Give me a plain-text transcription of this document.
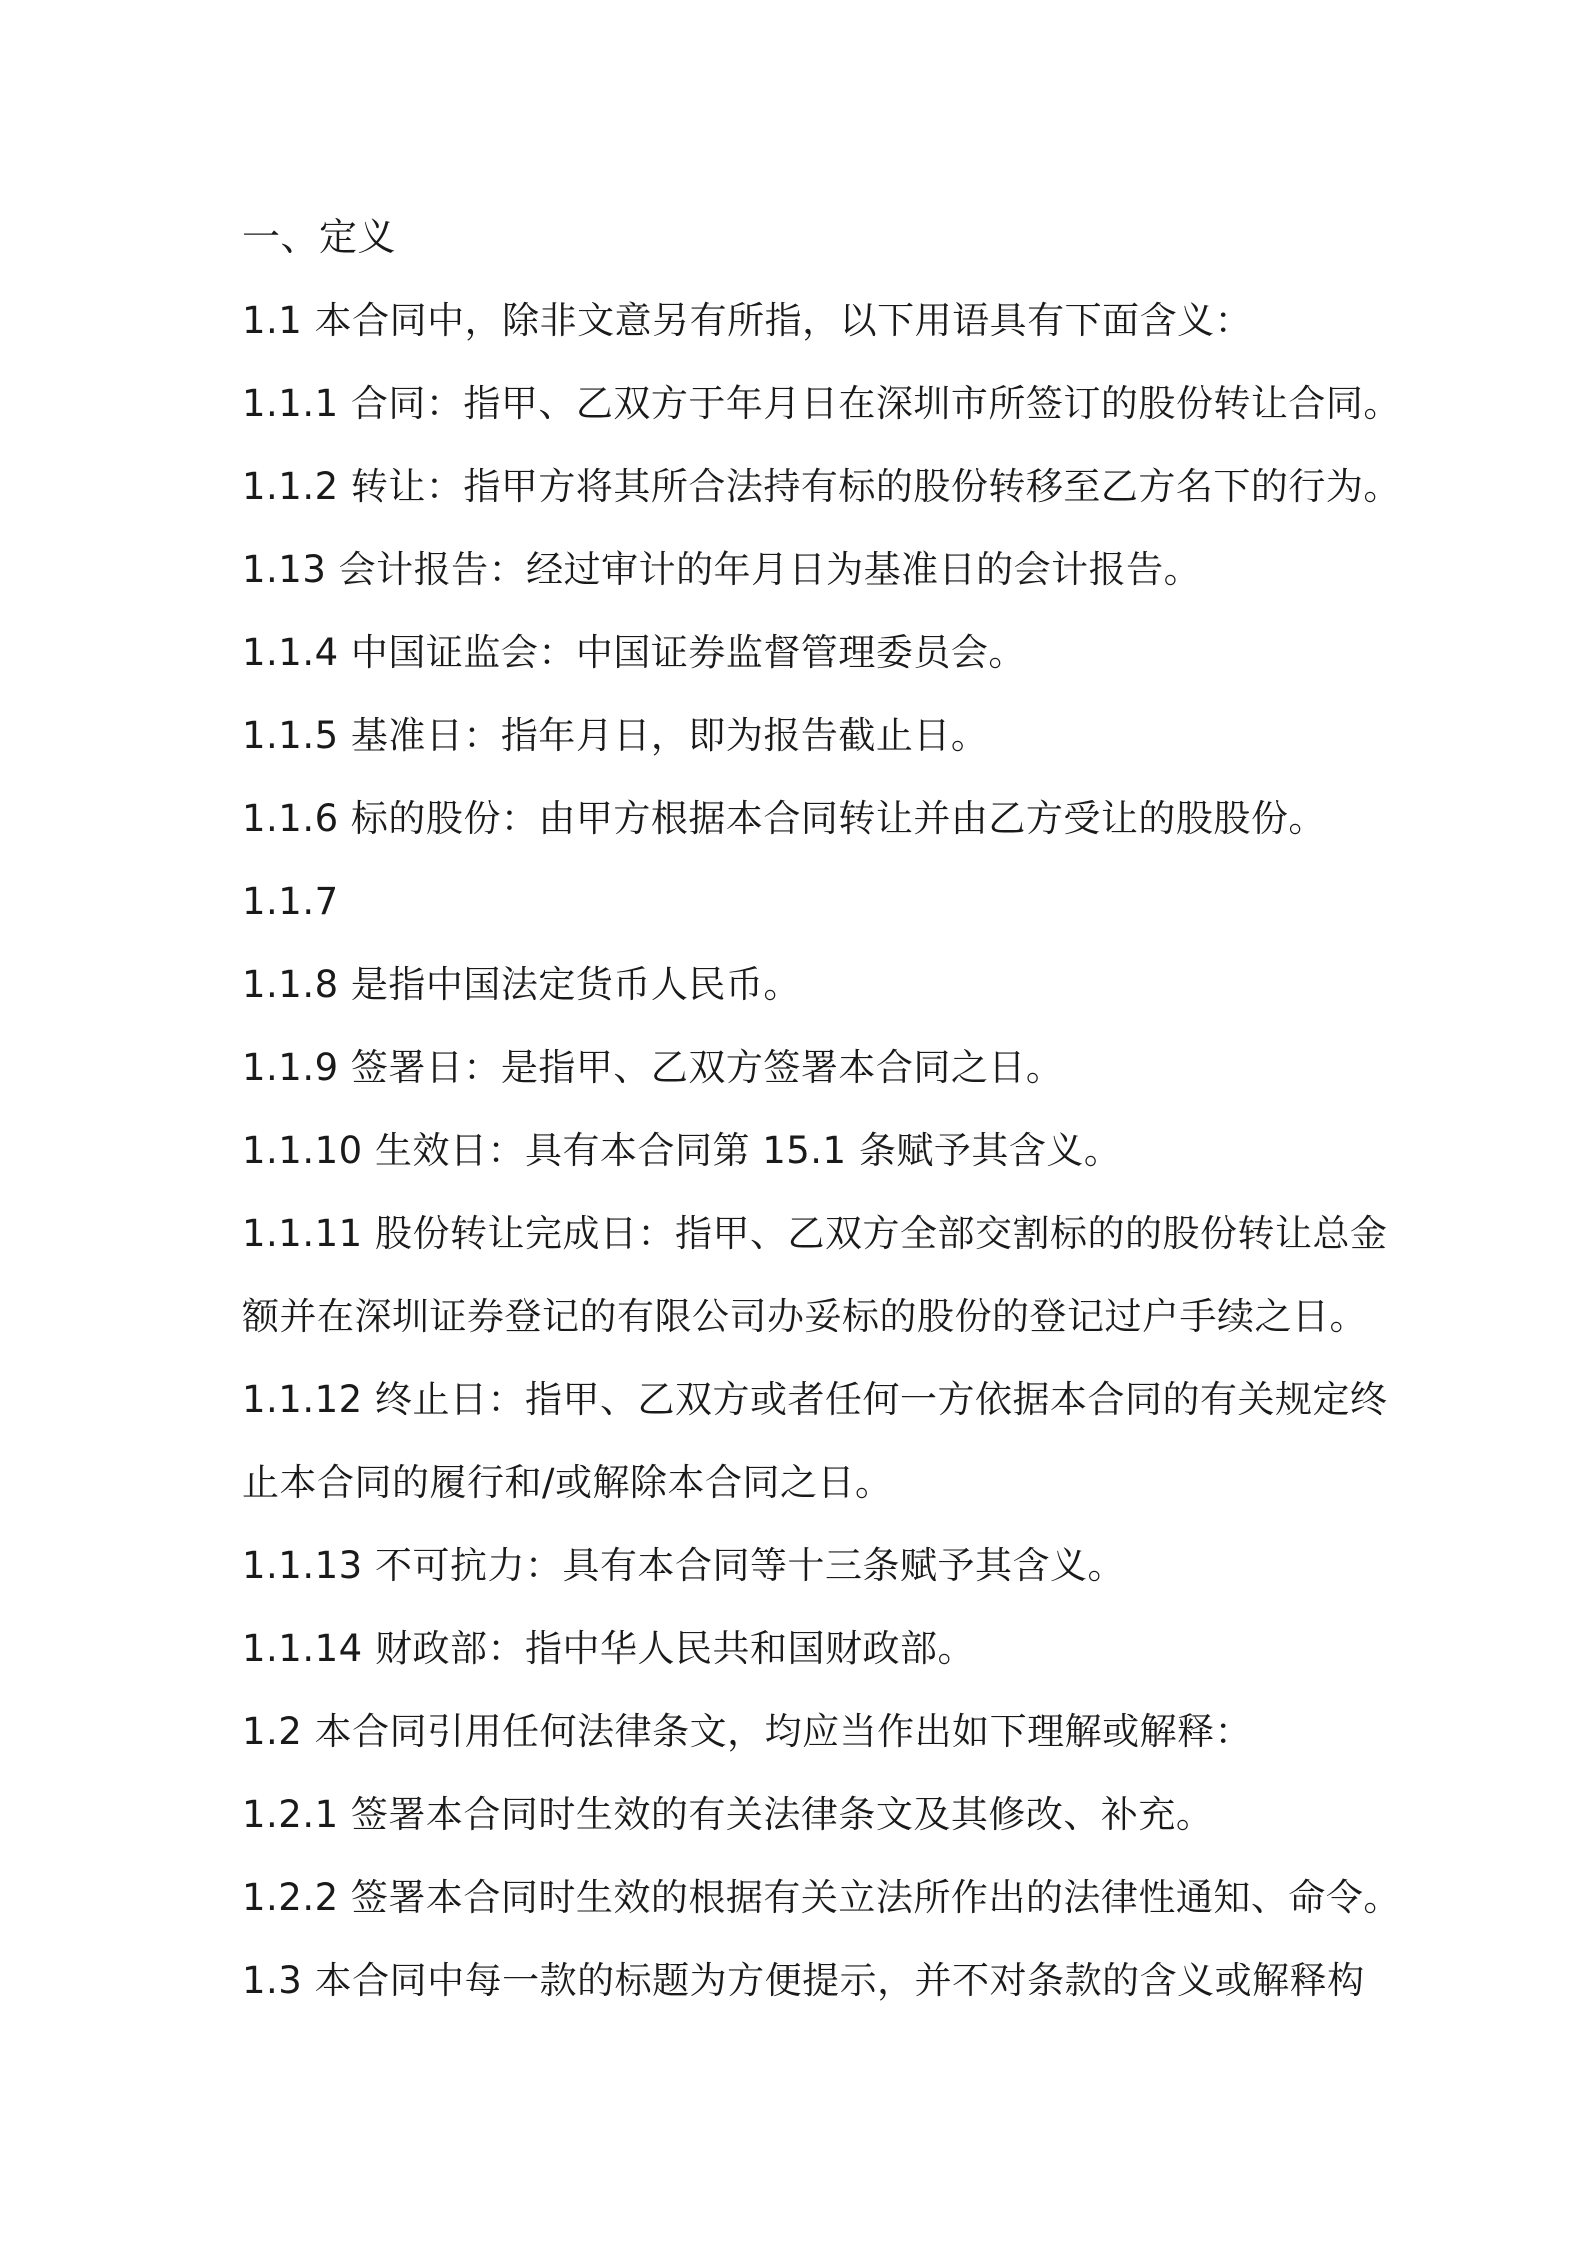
一、定义
1.1 本合同中，除非文意另有所指，以下用语具有下面含义：
1.1.1 合同：指甲、乙双方于年月日在深圳市所签订的股份转让合同。
1.1.2 转让：指甲方将其所合法持有标的股份转移至乙方名下的行为。
1.13 会计报告：经过审计的年月日为基准日的会计报告。
1.1.4 中国证监会：中国证券监督管理委员会。
1.1.5 基准日：指年月日，即为报告截止日。
1.1.6 标的股份：由甲方根据本合同转让并由乙方受让的股股份。
1.1.7
1.1.8 是指中国法定货币人民币。
1.1.9 签署日：是指甲、乙双方签署本合同之日。
1.1.10 生效日：具有本合同第 15.1 条赋予其含义。
1.1.11 股份转让完成日：指甲、乙双方全部交割标的的股份转让总金
额并在深圳证券登记的有限公司办妥标的股份的登记过户手续之日。
1.1.12 终止日：指甲、乙双方或者任何一方依据本合同的有关规定终
止本合同的履行和/或解除本合同之日。
1.1.13 不可抗力：具有本合同等十三条赋予其含义。
1.1.14 财政部：指中华人民共和国财政部。
1.2 本合同引用任何法律条文，均应当作出如下理解或解释：
1.2.1 签署本合同时生效的有关法律条文及其修改、补充。
1.2.2 签署本合同时生效的根据有关立法所作出的法律性通知、命令。
1.3 本合同中每一款的标题为方便提示，并不对条款的含义或解释构
